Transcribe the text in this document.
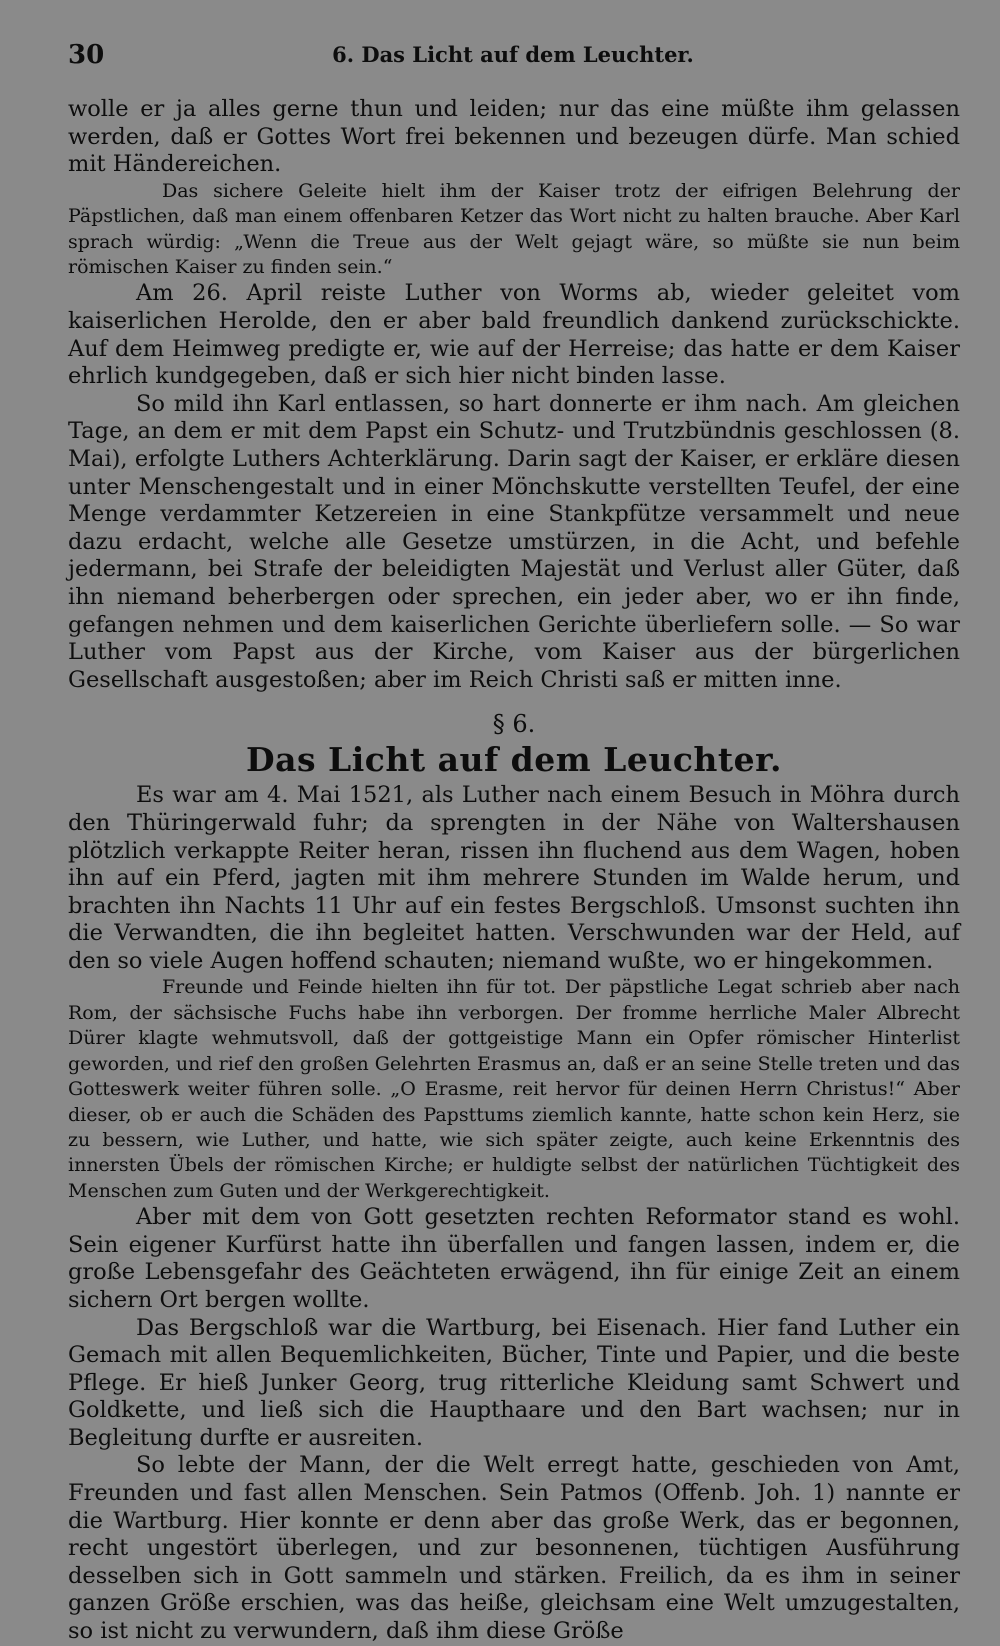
30	6. Das Licht auf dem Leuchter.

wolle er ja alles gerne thun und leiden; nur das eine müßte ihm gelassen werden, daß er Gottes Wort frei bekennen und bezeugen dürfe. Man schied mit Händereichen.

Das sichere Geleite hielt ihm der Kaiser trotz der eifrigen Belehrung der Päpstlichen, daß man einem offenbaren Ketzer das Wort nicht zu halten brauche. Aber Karl sprach würdig: „Wenn die Treue aus der Welt gejagt wäre, so müßte sie nun beim römischen Kaiser zu finden sein.“

Am 26. April reiste Luther von Worms ab, wieder geleitet vom kaiserlichen Herolde, den er aber bald freundlich dankend zurückschickte. Auf dem Heimweg predigte er, wie auf der Herreise; das hatte er dem Kaiser ehrlich kundgegeben, daß er sich hier nicht binden lasse.

So mild ihn Karl entlassen, so hart donnerte er ihm nach. Am gleichen Tage, an dem er mit dem Papst ein Schutz- und Trutzbündnis geschlossen (8. Mai), erfolgte Luthers Achterklärung. Darin sagt der Kaiser, er erkläre diesen unter Menschengestalt und in einer Mönchskutte verstellten Teufel, der eine Menge verdammter Ketzereien in eine Stankpfütze versammelt und neue dazu erdacht, welche alle Gesetze umstürzen, in die Acht, und befehle jedermann, bei Strafe der beleidigten Majestät und Verlust aller Güter, daß ihn niemand beherbergen oder sprechen, ein jeder aber, wo er ihn finde, gefangen nehmen und dem kaiserlichen Gerichte überliefern solle. — So war Luther vom Papst aus der Kirche, vom Kaiser aus der bürgerlichen Gesellschaft ausgestoßen; aber im Reich Christi saß er mitten inne.

§ 6.
Das Licht auf dem Leuchter.

Es war am 4. Mai 1521, als Luther nach einem Besuch in Möhra durch den Thüringerwald fuhr; da sprengten in der Nähe von Waltershausen plötzlich verkappte Reiter heran, rissen ihn fluchend aus dem Wagen, hoben ihn auf ein Pferd, jagten mit ihm mehrere Stunden im Walde herum, und brachten ihn Nachts 11 Uhr auf ein festes Bergschloß. Umsonst suchten ihn die Verwandten, die ihn begleitet hatten. Verschwunden war der Held, auf den so viele Augen hoffend schauten; niemand wußte, wo er hingekommen.

Freunde und Feinde hielten ihn für tot. Der päpstliche Legat schrieb aber nach Rom, der sächsische Fuchs habe ihn verborgen. Der fromme herrliche Maler Albrecht Dürer klagte wehmutsvoll, daß der gottgeistige Mann ein Opfer römischer Hinterlist geworden, und rief den großen Gelehrten Erasmus an, daß er an seine Stelle treten und das Gotteswerk weiter führen solle. „O Erasme, reit hervor für deinen Herrn Christus!“ Aber dieser, ob er auch die Schäden des Papsttums ziemlich kannte, hatte schon kein Herz, sie zu bessern, wie Luther, und hatte, wie sich später zeigte, auch keine Erkenntnis des innersten Übels der römischen Kirche; er huldigte selbst der natürlichen Tüchtigkeit des Menschen zum Guten und der Werkgerechtigkeit.

Aber mit dem von Gott gesetzten rechten Reformator stand es wohl. Sein eigener Kurfürst hatte ihn überfallen und fangen lassen, indem er, die große Lebensgefahr des Geächteten erwägend, ihn für einige Zeit an einem sichern Ort bergen wollte.

Das Bergschloß war die Wartburg, bei Eisenach. Hier fand Luther ein Gemach mit allen Bequemlichkeiten, Bücher, Tinte und Papier, und die beste Pflege. Er hieß Junker Georg, trug ritterliche Kleidung samt Schwert und Goldkette, und ließ sich die Haupthaare und den Bart wachsen; nur in Begleitung durfte er ausreiten.

So lebte der Mann, der die Welt erregt hatte, geschieden von Amt, Freunden und fast allen Menschen. Sein Patmos (Offenb. Joh. 1) nannte er die Wartburg. Hier konnte er denn aber das große Werk, das er begonnen, recht ungestört überlegen, und zur besonnenen, tüchtigen Ausführung desselben sich in Gott sammeln und stärken. Freilich, da es ihm in seiner ganzen Größe erschien, was das heiße, gleichsam eine Welt umzugestalten, so ist nicht zu verwundern, daß ihm diese Größe
